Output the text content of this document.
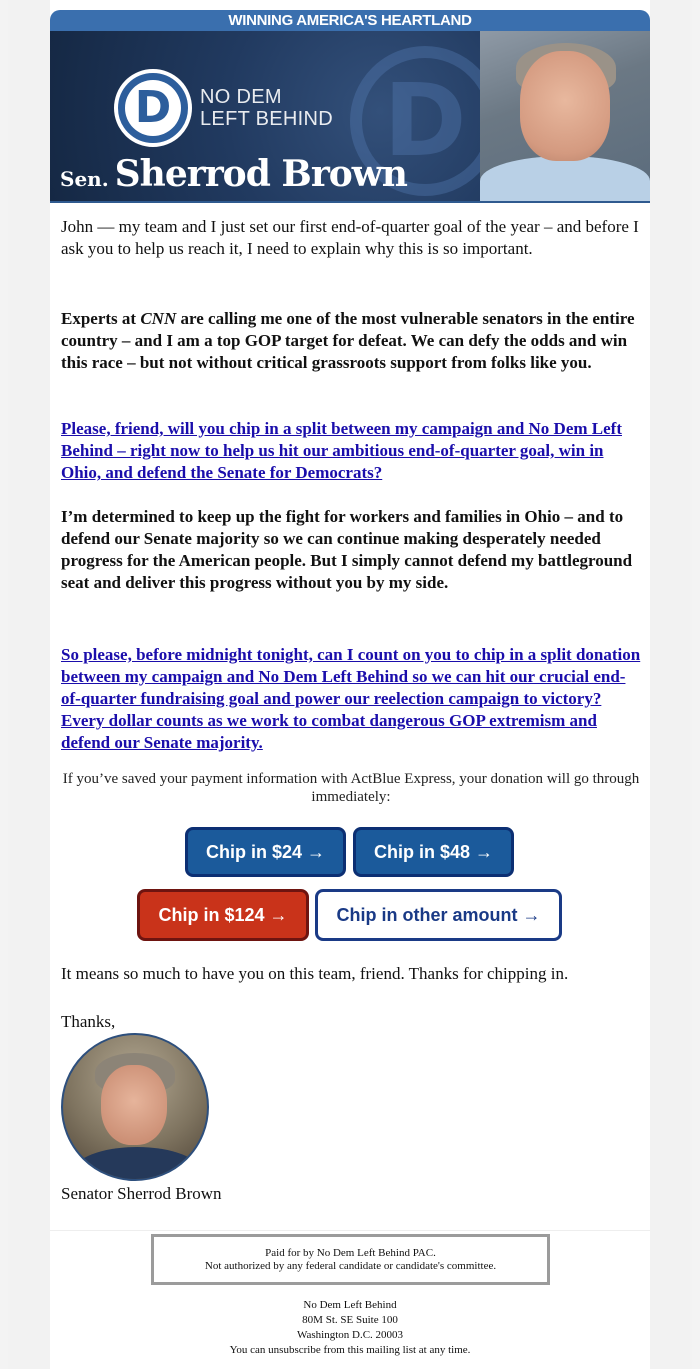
WINNING AMERICA'S HEARTLAND
D
D	NO DEM
LEFT BEHIND
Sen. Sherrod Brown

John — my team and I just set our first end-of-quarter goal of the year – and before I ask you to help us reach it, I need to explain why this is so important.

Experts at CNN are calling me one of the most vulnerable senators in the entire country – and I am a top GOP target for defeat. We can defy the odds and win this race – but not without critical grassroots support from folks like you.

Please, friend, will you chip in a split between my campaign and No Dem Left Behind – right now to help us hit our ambitious end-of-quarter goal, win in Ohio, and defend the Senate for Democrats?

I’m determined to keep up the fight for workers and families in Ohio – and to defend our Senate majority so we can continue making desperately needed progress for the American people. But I simply cannot defend my battleground seat and deliver this progress without you by my side.

So please, before midnight tonight, can I count on you to chip in a split donation between my campaign and No Dem Left Behind so we can hit our crucial end-of-quarter fundraising goal and power our reelection campaign to victory? Every dollar counts as we work to combat dangerous GOP extremism and defend our Senate majority.

If you’ve saved your payment information with ActBlue Express, your donation will go through immediately:
Chip in $24 →	Chip in $48 →
Chip in $124 →	Chip in other amount →
It means so much to have you on this team, friend. Thanks for chipping in.
Thanks,
Senator Sherrod Brown
Paid for by No Dem Left Behind PAC.
Not authorized by any federal candidate or candidate's committee.
No Dem Left Behind
80M St. SE Suite 100
Washington D.C. 20003
You can unsubscribe from this mailing list at any time.
